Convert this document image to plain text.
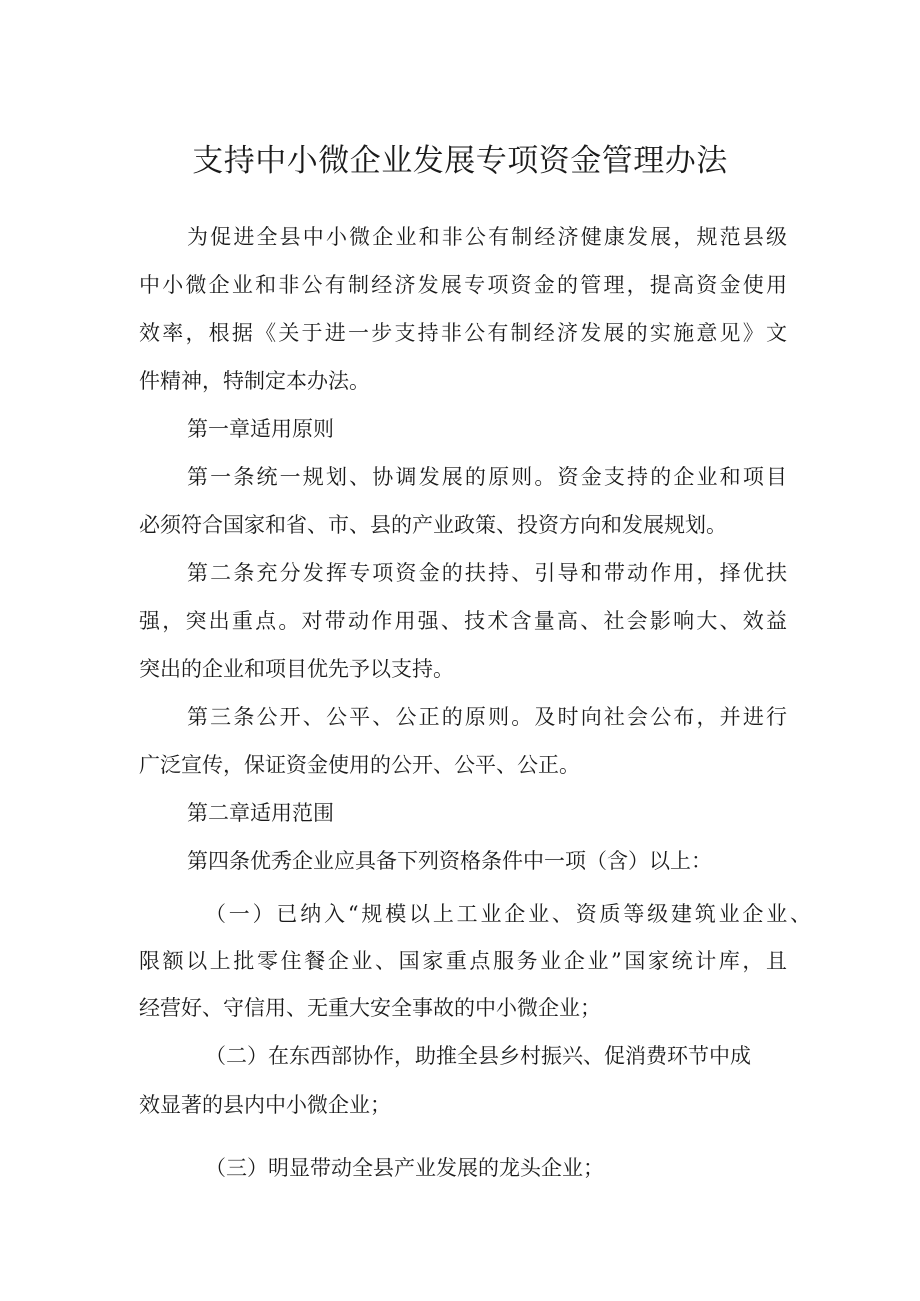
支持中小微企业发展专项资金管理办法
为促进全县中小微企业和非公有制经济健康发展，规范县级
中小微企业和非公有制经济发展专项资金的管理，提高资金使用
效率，根据《关于进一步支持非公有制经济发展的实施意见》文
件精神，特制定本办法。
第一章适用原则
第一条统一规划、协调发展的原则。资金支持的企业和项目
必须符合国家和省、市、县的产业政策、投资方向和发展规划。
第二条充分发挥专项资金的扶持、引导和带动作用，择优扶
强，突出重点。对带动作用强、技术含量高、社会影响大、效益
突出的企业和项目优先予以支持。
第三条公开、公平、公正的原则。及时向社会公布，并进行
广泛宣传，保证资金使用的公开、公平、公正。
第二章适用范围
第四条优秀企业应具备下列资格条件中一项（含）以上：
（一）已纳入“规模以上工业企业、资质等级建筑业企业、
限额以上批零住餐企业、国家重点服务业企业”国家统计库，且
经营好、守信用、无重大安全事故的中小微企业；
（二）在东西部协作，助推全县乡村振兴、促消费环节中成
效显著的县内中小微企业；
（三）明显带动全县产业发展的龙头企业；
